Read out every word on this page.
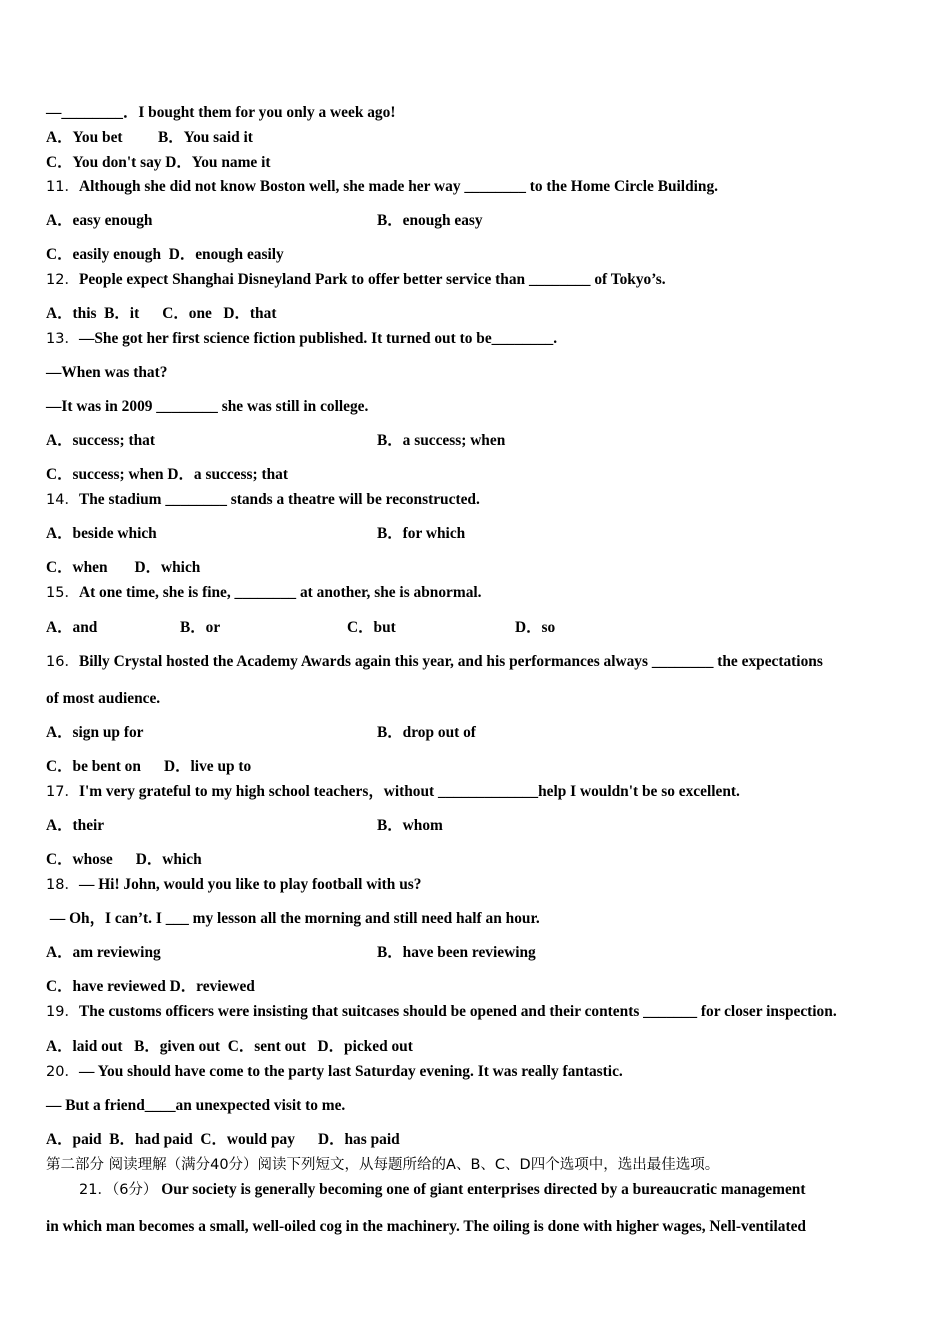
—________．I bought them for you only a week ago!
A．You bet B．You said it
C．You don't say D．You name it
11．Although she did not know Boston well, she made her way ________ to the Home Circle Building.
A．easy enough	B．enough easy
C．easily enough  D．enough easily
12．People expect Shanghai Disneyland Park to offer better service than ________ of Tokyo’s.
A．this  B．it      C．one   D．that
13．—She got her first science fiction published. It turned out to be________.
—When was that?
—It was in 2009 ________ she was still in college.
A．success; that	B．a success; when
C．success; when D．a success; that
14．The stadium ________ stands a theatre will be reconstructed.
A．beside which	B．for which
C．when       D．which
15．At one time, she is fine, ________ at another, she is abnormal.
A．and	B．or	C．but	D．so
16．Billy Crystal hosted the Academy Awards again this year, and his performances always ________ the expectations
of most audience.
A．sign up for	B．drop out of
C．be bent on      D．live up to
17．I'm very grateful to my high school teachers，without _____________help I wouldn't be so excellent.
A．their	B．whom
C．whose      D．which
18．— Hi! John, would you like to play football with us?
— Oh，I can’t. I ___ my lesson all the morning and still need half an hour.
A．am reviewing	B．have been reviewing
C．have reviewed D．reviewed
19．The customs officers were insisting that suitcases should be opened and their contents _______ for closer inspection.
A．laid out   B．given out  C．sent out   D．picked out
20．— You should have come to the party last Saturday evening. It was really fantastic.
— But a friend____an unexpected visit to me.
A．paid  B．had paid  C．would pay      D．has paid
第二部分 阅读理解（满分40分）阅读下列短文，从每题所给的A、B、C、D四个选项中，选出最佳选项。
21．（6分） Our society is generally becoming one of giant enterprises directed by a bureaucratic management
in which man becomes a small, well-oiled cog in the machinery. The oiling is done with higher wages, Nell-ventilated
